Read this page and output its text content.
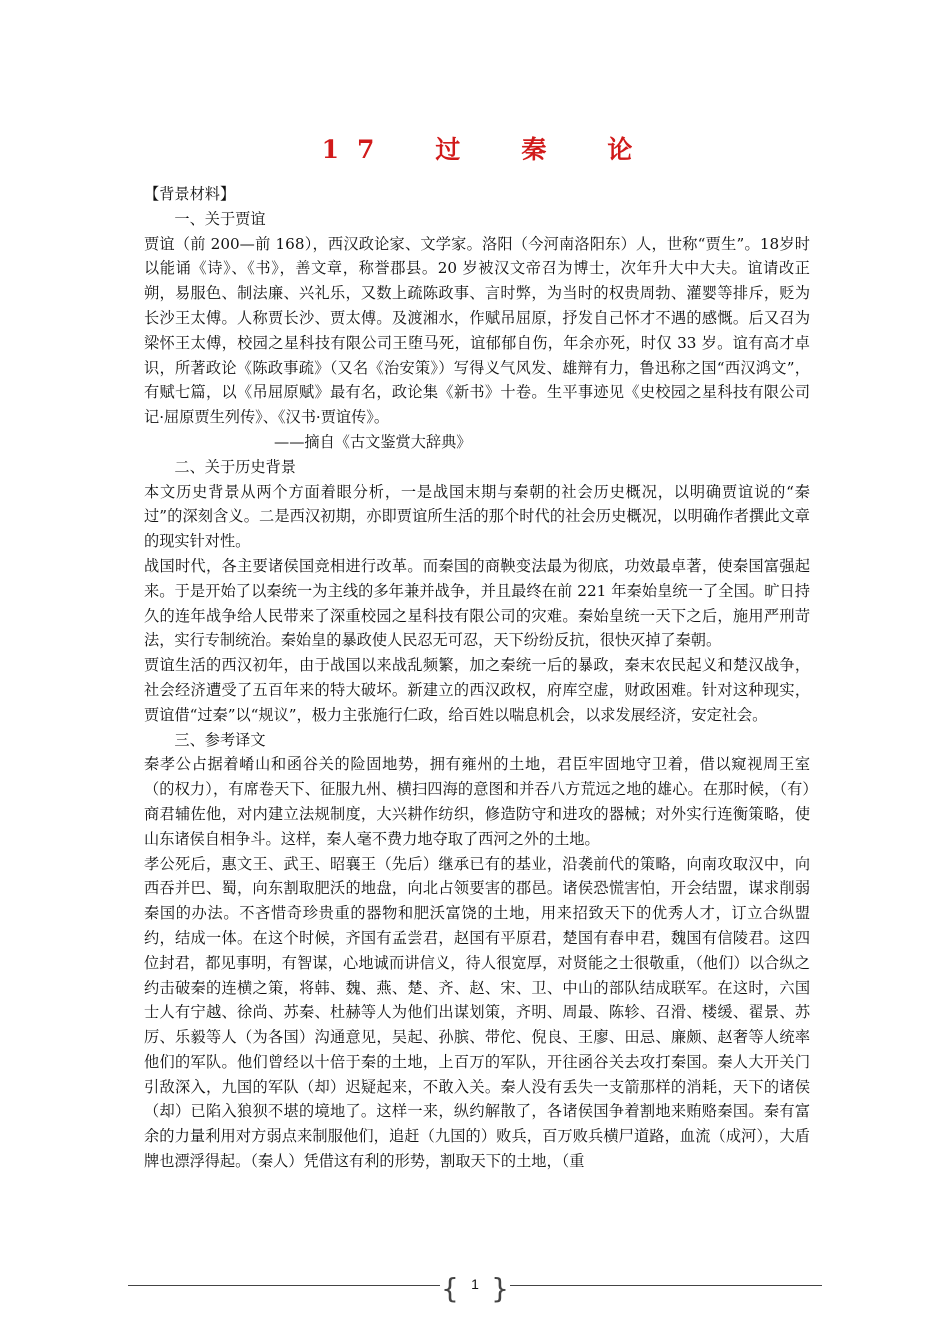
17　过　秦　论
【背景材料】
一、关于贾谊

贾谊（前 200—前 168），西汉政论家、文学家。洛阳（今河南洛阳东）人，世称“贾生”。18岁时以能诵《诗》、《书》，善文章，称誉郡县。20 岁被汉文帝召为博士，次年升大中大夫。谊请改正朔，易服色、制法廉、兴礼乐，又数上疏陈政事、言时弊，为当时的权贵周勃、灌婴等排斥，贬为长沙王太傅。人称贾长沙、贾太傅。及渡湘水，作赋吊屈原，抒发自己怀才不遇的感慨。后又召为梁怀王太傅，校园之星科技有限公司王堕马死，谊郁郁自伤，年余亦死，时仅 33 岁。谊有高才卓识，所著政论《陈政事疏》（又名《治安策》）写得义气风发、雄辩有力，鲁迅称之国“西汉鸿文”，有赋七篇，以《吊屈原赋》最有名，政论集《新书》十卷。生平事迹见《史校园之星科技有限公司记·屈原贾生列传》、《汉书·贾谊传》。

——摘自《古文鉴赏大辞典》
二、关于历史背景

本文历史背景从两个方面着眼分析，一是战国末期与秦朝的社会历史概况，以明确贾谊说的“秦过”的深刻含义。二是西汉初期，亦即贾谊所生活的那个时代的社会历史概况，以明确作者撰此文章的现实针对性。

战国时代，各主要诸侯国竞相进行改革。而秦国的商鞅变法最为彻底，功效最卓著，使秦国富强起来。于是开始了以秦统一为主线的多年兼并战争，并且最终在前 221 年秦始皇统一了全国。旷日持久的连年战争给人民带来了深重校园之星科技有限公司的灾难。秦始皇统一天下之后，施用严刑苛法，实行专制统治。秦始皇的暴政使人民忍无可忍，天下纷纷反抗，很快灭掉了秦朝。

贾谊生活的西汉初年，由于战国以来战乱频繁，加之秦统一后的暴政，秦末农民起义和楚汉战争，社会经济遭受了五百年来的特大破坏。新建立的西汉政权，府库空虚，财政困难。针对这种现实，贾谊借“过秦”以“规议”，极力主张施行仁政，给百姓以喘息机会，以求发展经济，安定社会。

三、参考译文

秦孝公占据着崤山和函谷关的险固地势，拥有雍州的土地，君臣牢固地守卫着，借以窥视周王室（的权力），有席卷天下、征服九州、横扫四海的意图和并吞八方荒远之地的雄心。在那时候，（有）商君辅佐他，对内建立法规制度，大兴耕作纺织，修造防守和进攻的器械；对外实行连衡策略，使山东诸侯自相争斗。这样，秦人毫不费力地夺取了西河之外的土地。

孝公死后，惠文王、武王、昭襄王（先后）继承已有的基业，沿袭前代的策略，向南攻取汉中，向西吞并巴、蜀，向东割取肥沃的地盘，向北占领要害的郡邑。诸侯恐慌害怕，开会结盟，谋求削弱秦国的办法。不吝惜奇珍贵重的器物和肥沃富饶的土地，用来招致天下的优秀人才，订立合纵盟约，结成一体。在这个时候，齐国有孟尝君，赵国有平原君，楚国有春申君，魏国有信陵君。这四位封君，都见事明，有智谋，心地诚而讲信义，待人很宽厚，对贤能之士很敬重，（他们）以合纵之约击破秦的连横之策，将韩、魏、燕、楚、齐、赵、宋、卫、中山的部队结成联军。在这时，六国士人有宁越、徐尚、苏秦、杜赫等人为他们出谋划策，齐明、周最、陈轸、召滑、楼缓、翟景、苏厉、乐毅等人（为各国）沟通意见，吴起、孙膑、带佗、倪良、王廖、田忌、廉颇、赵奢等人统率他们的军队。他们曾经以十倍于秦的土地，上百万的军队，开往函谷关去攻打秦国。秦人大开关门引敌深入，九国的军队（却）迟疑起来，不敢入关。秦人没有丢失一支箭那样的消耗，天下的诸侯（却）已陷入狼狈不堪的境地了。这样一来，纵约解散了，各诸侯国争着割地来贿赂秦国。秦有富余的力量利用对方弱点来制服他们，追赶（九国的）败兵，百万败兵横尸道路，血流（成河），大盾牌也漂浮得起。（秦人）凭借这有利的形势，割取天下的土地，（重

{ }
1
